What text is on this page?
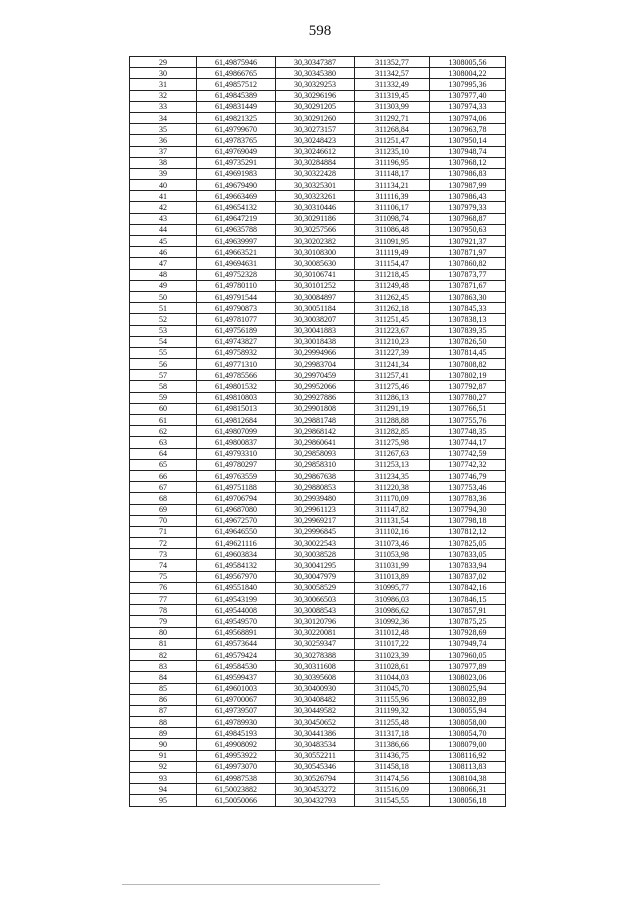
598
29	61,49875946	30,30347387	311352,77	1308005,56
30	61,49866765	30,30345380	311342,57	1308004,22
31	61,49857512	30,30329253	311332,49	1307995,36
32	61,49845389	30,30296196	311319,45	1307977,40
33	61,49831449	30,30291205	311303,99	1307974,33
34	61,49821325	30,30291260	311292,71	1307974,06
35	61,49799670	30,30273157	311268,84	1307963,78
36	61,49783765	30,30248423	311251,47	1307950,14
37	61,49769049	30,30246612	311235,10	1307948,74
38	61,49735291	30,30284884	311196,95	1307968,12
39	61,49691983	30,30322428	311148,17	1307986,83
40	61,49679490	30,30325301	311134,21	1307987,99
41	61,49663469	30,30323261	311116,39	1307986,43
42	61,49654132	30,30310446	311106,17	1307979,33
43	61,49647219	30,30291186	311098,74	1307968,87
44	61,49635788	30,30257566	311086,48	1307950,63
45	61,49639997	30,30202382	311091,95	1307921,37
46	61,49663521	30,30108300	311119,49	1307871,97
47	61,49694631	30,30085630	311154,47	1307860,82
48	61,49752328	30,30106741	311218,45	1307873,77
49	61,49780110	30,30101252	311249,48	1307871,67
50	61,49791544	30,30084897	311262,45	1307863,30
51	61,49790873	30,30051184	311262,18	1307845,33
52	61,49781077	30,30038207	311251,45	1307838,13
53	61,49756189	30,30041883	311223,67	1307839,35
54	61,49743827	30,30018438	311210,23	1307826,50
55	61,49758932	30,29994966	311227,39	1307814,45
56	61,49771310	30,29983704	311241,34	1307808,82
57	61,49785566	30,29970459	311257,41	1307802,19
58	61,49801532	30,29952066	311275,46	1307792,87
59	61,49810803	30,29927886	311286,13	1307780,27
60	61,49815013	30,29901808	311291,19	1307766,51
61	61,49812684	30,29881748	311288,88	1307755,76
62	61,49807099	30,29868142	311282,85	1307748,35
63	61,49800837	30,29860641	311275,98	1307744,17
64	61,49793310	30,29858093	311267,63	1307742,59
65	61,49780297	30,29858310	311253,13	1307742,32
66	61,49763559	30,29867638	311234,35	1307746,79
67	61,49751188	30,29880853	311220,38	1307753,46
68	61,49706794	30,29939480	311170,09	1307783,36
69	61,49687080	30,29961123	311147,82	1307794,30
70	61,49672570	30,29969217	311131,54	1307798,18
71	61,49646550	30,29996845	311102,16	1307812,12
72	61,49621116	30,30022543	311073,46	1307825,05
73	61,49603834	30,30038528	311053,98	1307833,05
74	61,49584132	30,30041295	311031,99	1307833,94
75	61,49567970	30,30047979	311013,89	1307837,02
76	61,49551840	30,30058529	310995,77	1307842,16
77	61,49543199	30,30066503	310986,03	1307846,15
78	61,49544008	30,30088543	310986,62	1307857,91
79	61,49549570	30,30120796	310992,36	1307875,25
80	61,49568891	30,30220081	311012,48	1307928,69
81	61,49573644	30,30259347	311017,22	1307949,74
82	61,49579424	30,30278388	311023,39	1307960,05
83	61,49584530	30,30311608	311028,61	1307977,89
84	61,49599437	30,30395608	311044,03	1308023,06
85	61,49601003	30,30400930	311045,70	1308025,94
86	61,49700067	30,30408482	311155,96	1308032,89
87	61,49739507	30,30449582	311199,32	1308055,94
88	61,49789930	30,30450652	311255,48	1308058,00
89	61,49845193	30,30441386	311317,18	1308054,70
90	61,49908092	30,30483534	311386,66	1308079,00
91	61,49953922	30,30552211	311436,75	1308116,92
92	61,49973070	30,30545346	311458,18	1308113,83
93	61,49987538	30,30526794	311474,56	1308104,38
94	61,50023882	30,30453272	311516,09	1308066,31
95	61,50050066	30,30432793	311545,55	1308056,18
